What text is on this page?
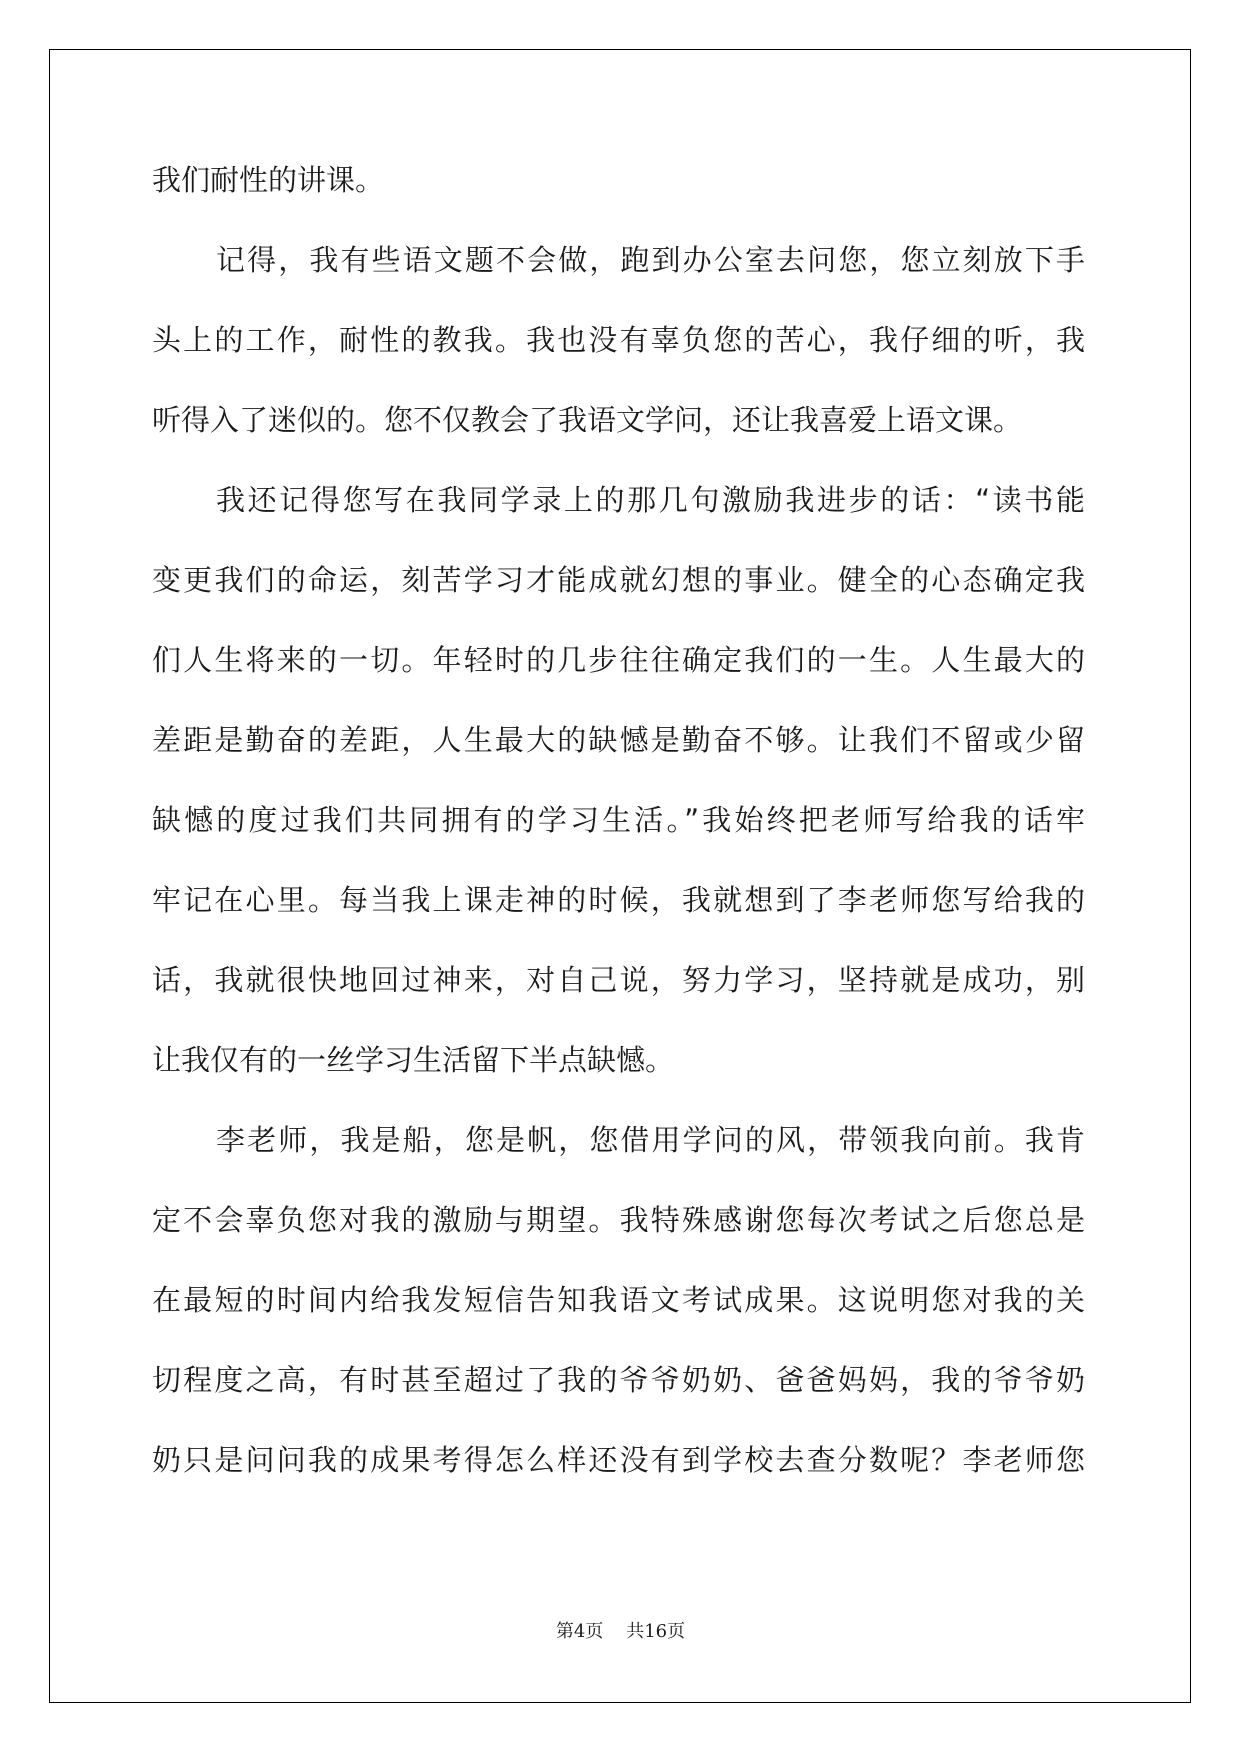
我们耐性的讲课。
记得，我有些语文题不会做，跑到办公室去问您，您立刻放下手
头上的工作，耐性的教我。我也没有辜负您的苦心，我仔细的听，我
听得入了迷似的。您不仅教会了我语文学问，还让我喜爱上语文课。
我还记得您写在我同学录上的那几句激励我进步的话：“读书能
变更我们的命运，刻苦学习才能成就幻想的事业。健全的心态确定我
们人生将来的一切。年轻时的几步往往确定我们的一生。人生最大的
差距是勤奋的差距，人生最大的缺憾是勤奋不够。让我们不留或少留
缺憾的度过我们共同拥有的学习生活。”我始终把老师写给我的话牢
牢记在心里。每当我上课走神的时候，我就想到了李老师您写给我的
话，我就很快地回过神来，对自己说，努力学习，坚持就是成功，别
让我仅有的一丝学习生活留下半点缺憾。
李老师，我是船，您是帆，您借用学问的风，带领我向前。我肯
定不会辜负您对我的激励与期望。我特殊感谢您每次考试之后您总是
在最短的时间内给我发短信告知我语文考试成果。这说明您对我的关
切程度之高，有时甚至超过了我的爷爷奶奶、爸爸妈妈，我的爷爷奶
奶只是问问我的成果考得怎么样还没有到学校去查分数呢？李老师您
第4页    共16页
